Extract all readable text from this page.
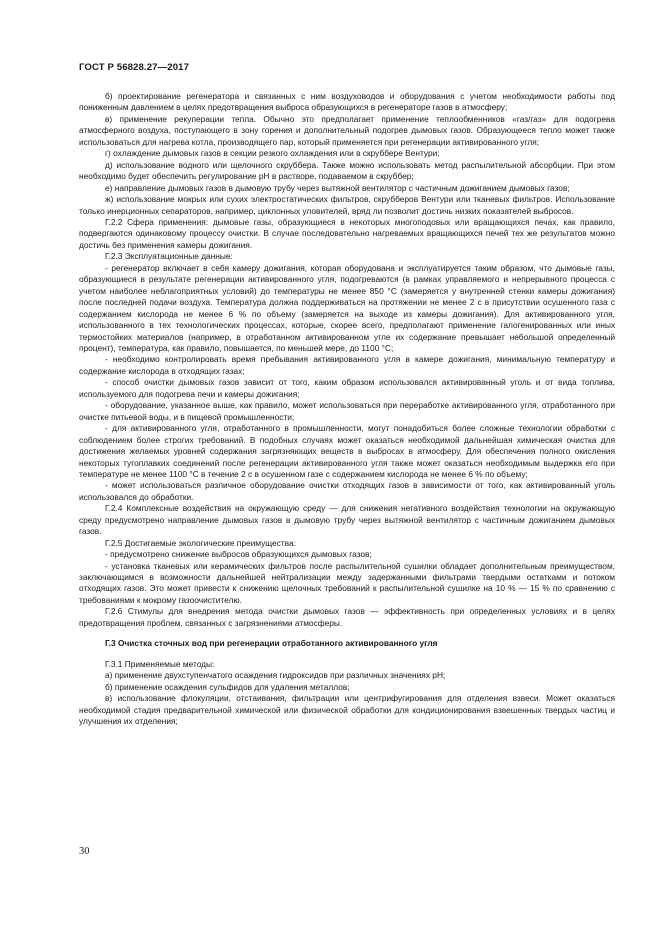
ГОСТ Р 56828.27—2017

б) проектирование регенератора и связанных с ним воздуховодов и оборудования с учетом необходимости работы под пониженным давлением в целях предотвращения выброса образующихся в регенераторе газов в атмосферу;

в) применение рекуперации тепла. Обычно это предполагает применение теплообменников «газ/газ» для подогрева атмосферного воздуха, поступающего в зону горения и дополнительный подогрев дымовых газов. Образующееся тепло может также использоваться для нагрева котла, производящего пар, который применяется при регенерации активированного угля;

г) охлаждение дымовых газов в секции резкого охлаждения или в скруббере Вентури;

д) использование водного или щелочного скруббера. Также можно использовать метод распылительной абсорбции. При этом необходимо будет обеспечить регулирование pH в растворе, подаваемом в скруббер;

е) направление дымовых газов в дымовую трубу через вытяжной вентилятор с частичным дожиганием дымовых газов;

ж) использование мокрых или сухих электростатических фильтров, скрубберов Вентури или тканевых фильтров. Использование только инерционных сепараторов, например, циклонных уловителей, вряд ли позволит достичь низких показателей выбросов.

Г.2.2 Сфера применения: дымовые газы, образующиеся в некоторых многоподовых или вращающихся печах, как правило, подвергаются одинаковому процессу очистки. В случае последовательно нагреваемых вращающихся печей тех же результатов можно достичь без применения камеры дожигания.

Г.2.3 Эксплуатационные данные:

- регенератор включает в себя камеру дожигания, которая оборудована и эксплуатируется таким образом, что дымовые газы, образующиеся в результате регенерации активированного угля, подогреваются (в рамках управляемого и непрерывного процесса с учетом наиболее неблагоприятных условий) до температуры не менее 850 °С (замеряется у внутренней стенки камеры дожигания) после последней подачи воздуха. Температура должна поддерживаться на протяжении не менее 2 с в присутствии осушенного газа с содержанием кислорода не менее 6 % по объему (замеряется на выходе из камеры дожигания). Для активированного угля, использованного в тех технологических процессах, которые, скорее всего, предполагают применение галогенированных или иных термостойких материалов (например, в отработанном активированном угле их содержание превышает небольшой определенный процент), температура, как правило, повышается, по меньшей мере, до 1100 °С;

- необходимо контролировать время пребывания активированного угля в камере дожигания, минимальную температуру и содержание кислорода в отходящих газах;

- способ очистки дымовых газов зависит от того, каким образом использовался активированный уголь и от вида топлива, используемого для подогрева печи и камеры дожигания;

- оборудование, указанное выше, как правило, может использоваться при переработке активированного угля, отработанного при очистке питьевой воды, и в пищевой промышленности;

- для активированного угля, отработанного в промышленности, могут понадобиться более сложные технологии обработки с соблюдением более строгих требований. В подобных случаях может оказаться необходимой дальнейшая химическая очистка для достижения желаемых уровней содержания загрязняющих веществ в выбросах в атмосферу. Для обеспечения полного окисления некоторых тугоплавких соединений после регенерации активированного угля также может оказаться необходимым выдержка его при температуре не менее 1100 °С в течение 2 с в осушенном газе с содержанием кислорода не менее 6 % по объему;

- может использоваться различное оборудование очистки отходящих газов в зависимости от того, как активированный уголь использовался до обработки.

Г.2.4 Комплексные воздействия на окружающую среду — для снижения негативного воздействия технологии на окружающую среду предусмотрено направление дымовых газов в дымовую трубу через вытяжной вентилятор с частичным дожиганием дымовых газов.

Г.2.5 Достигаемые экологические преимущества:

- предусмотрено снижение выбросов образующихся дымовых газов;

- установка тканевых или керамических фильтров после распылительной сушилки обладает дополнительным преимуществом, заключающимся в возможности дальнейшей нейтрализации между задержанными фильтрами твердыми остатками и потоком отходящих газов. Это может привести к снижению щелочных требований к распылительной сушилке на 10 % — 15 % по сравнению с требованиями к мокрому газоочистителю.

Г.2.6 Стимулы для внедрения метода очистки дымовых газов — эффективность при определенных условиях и в целях предотвращения проблем, связанных с загрязнениями атмосферы.

Г.3 Очистка сточных вод при регенерации отработанного активированного угля

Г.3.1 Применяемые методы:

а) применение двухступенчатого осаждения гидроксидов при различных значениях pH;

б) применение осаждения сульфидов для удаления металлов;

в) использование флокуляции, отстаивания, фильтрации или центрифугирования для отделения взвеси. Может оказаться необходимой стадия предварительной химической или физической обработки для кондиционирования взвешенных твердых частиц и улучшения их отделения;

30
